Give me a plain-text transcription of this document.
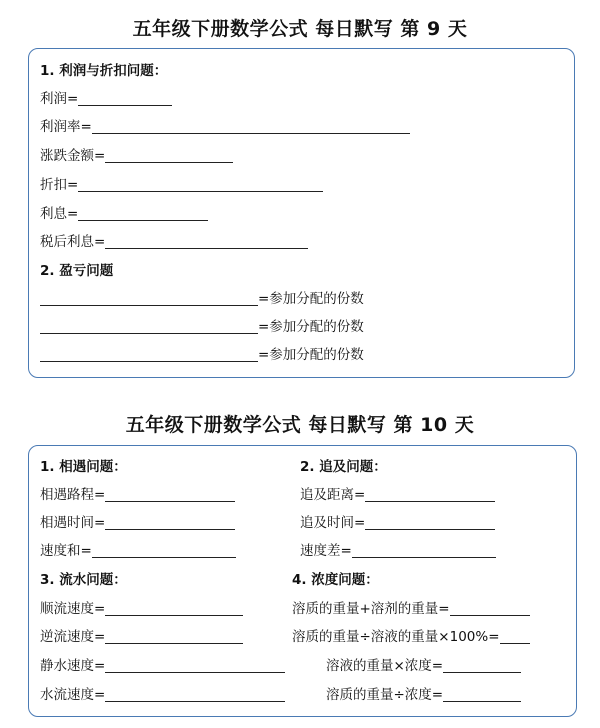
五年级下册数学公式 每日默写 第 9 天
1. 利润与折扣问题：
利润=
利润率=
涨跌金额=
折扣=
利息=
税后利息=
2. 盈亏问题
=参加分配的份数
=参加分配的份数
=参加分配的份数
五年级下册数学公式 每日默写 第 10 天
1. 相遇问题：
相遇路程=
相遇时间=
速度和=
2. 追及问题：
追及距离=
追及时间=
速度差=
3. 流水问题：
顺流速度=
逆流速度=
静水速度=
水流速度=
4. 浓度问题：
溶质的重量+溶剂的重量=
溶质的重量÷溶液的重量×100%=
溶液的重量×浓度=
溶质的重量÷浓度=
